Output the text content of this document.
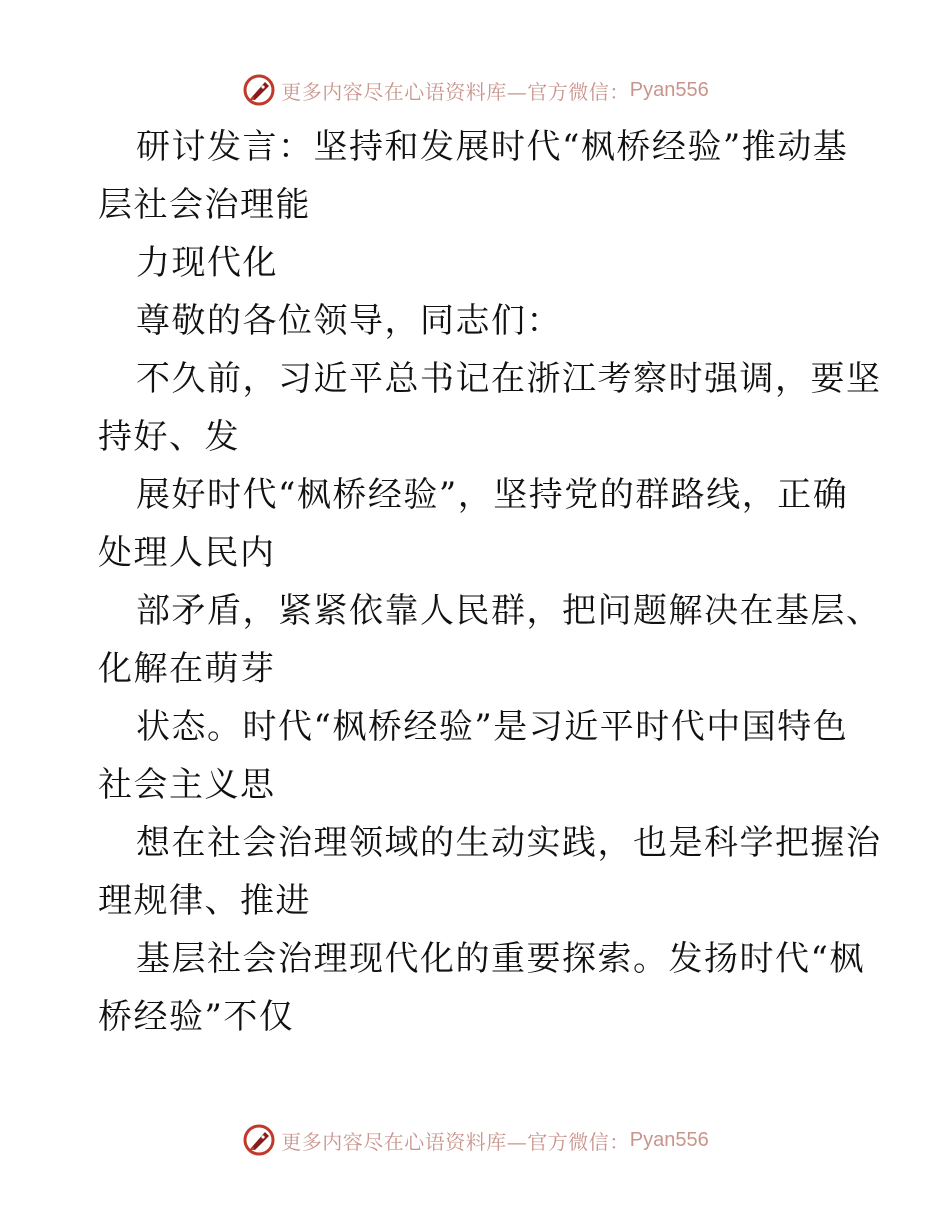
更多内容尽在心语资料库—官方微信： Pyan556
研讨发言：坚持和发展时代“枫桥经验”推动基
层社会治理能
力现代化
尊敬的各位领导，同志们：
不久前，习近平总书记在浙江考察时强调，要坚
持好、发
展好时代“枫桥经验”，坚持党的群路线，正确
处理人民内
部矛盾，紧紧依靠人民群，把问题解决在基层、
化解在萌芽
状态。时代“枫桥经验”是习近平时代中国特色
社会主义思
想在社会治理领域的生动实践，也是科学把握治
理规律、推进
基层社会治理现代化的重要探索。发扬时代“枫
桥经验”不仅
更多内容尽在心语资料库—官方微信： Pyan556
